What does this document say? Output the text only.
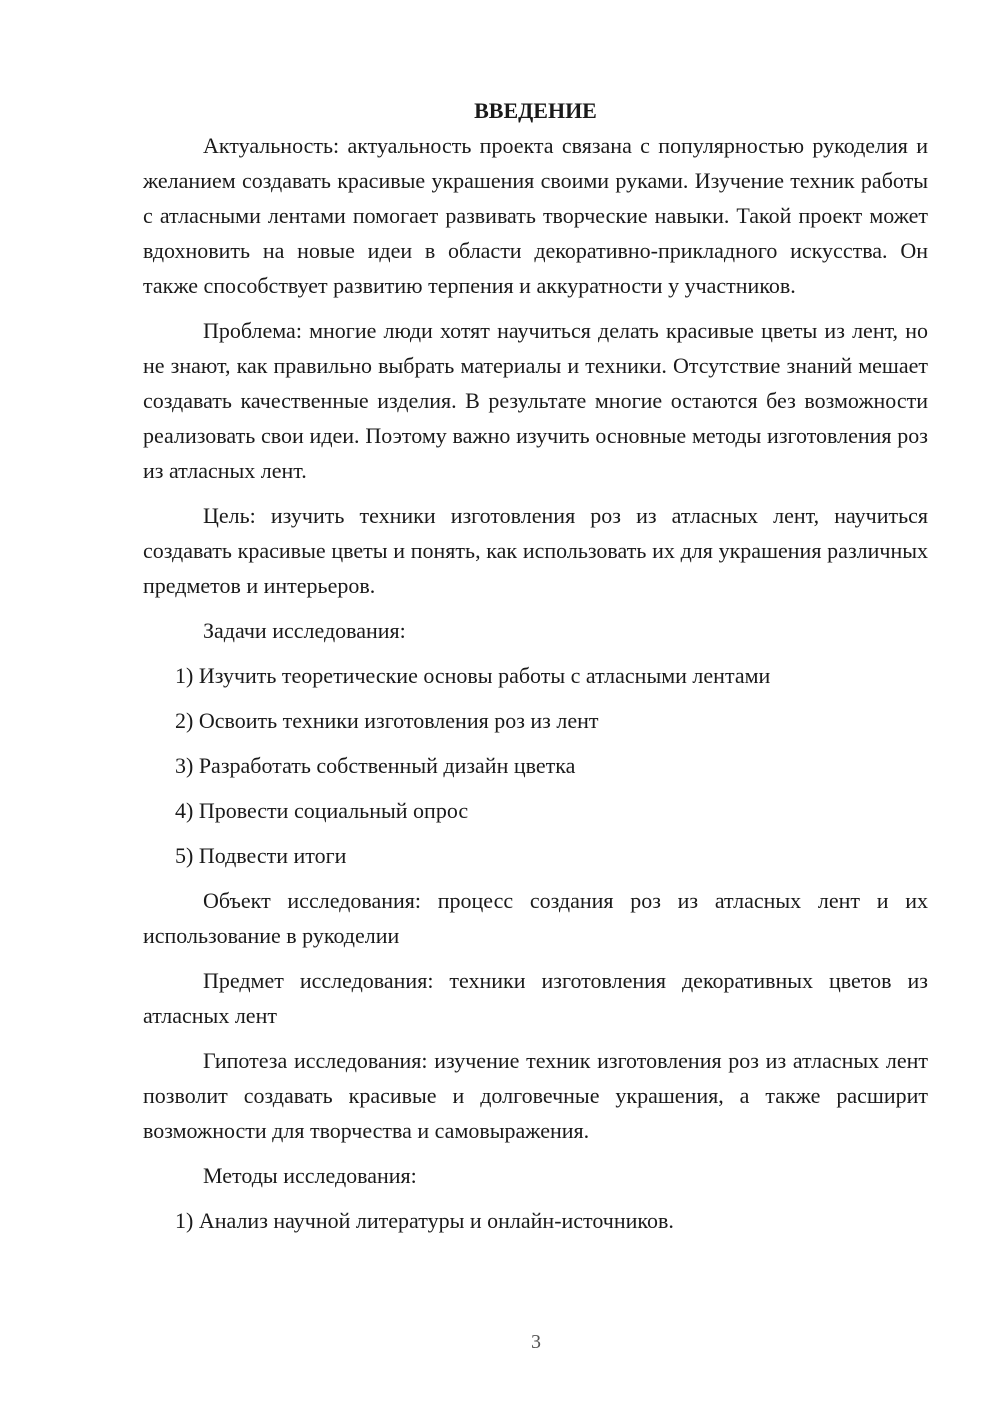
ВВЕДЕНИЕ
Актуальность: актуальность проекта связана с популярностью рукоделия и желанием создавать красивые украшения своими руками. Изучение техник работы с атласными лентами помогает развивать творческие навыки. Такой проект может вдохновить на новые идеи в области декоративно-прикладного искусства. Он также способствует развитию терпения и аккуратности у участников.
Проблема: многие люди хотят научиться делать красивые цветы из лент, но не знают, как правильно выбрать материалы и техники. Отсутствие знаний мешает создавать качественные изделия. В результате многие остаются без возможности реализовать свои идеи. Поэтому важно изучить основные методы изготовления роз из атласных лент.
Цель: изучить техники изготовления роз из атласных лент, научиться создавать красивые цветы и понять, как использовать их для украшения различных предметов и интерьеров.
Задачи исследования:
1) Изучить теоретические основы работы с атласными лентами
2) Освоить техники изготовления роз из лент
3) Разработать собственный дизайн цветка
4) Провести социальный опрос
5) Подвести итоги
Объект исследования: процесс создания роз из атласных лент и их использование в рукоделии
Предмет исследования: техники изготовления декоративных цветов из атласных лент
Гипотеза исследования: изучение техник изготовления роз из атласных лент позволит создавать красивые и долговечные украшения, а также расширит возможности для творчества и самовыражения.
Методы исследования:
1) Анализ научной литературы и онлайн-источников.
3
